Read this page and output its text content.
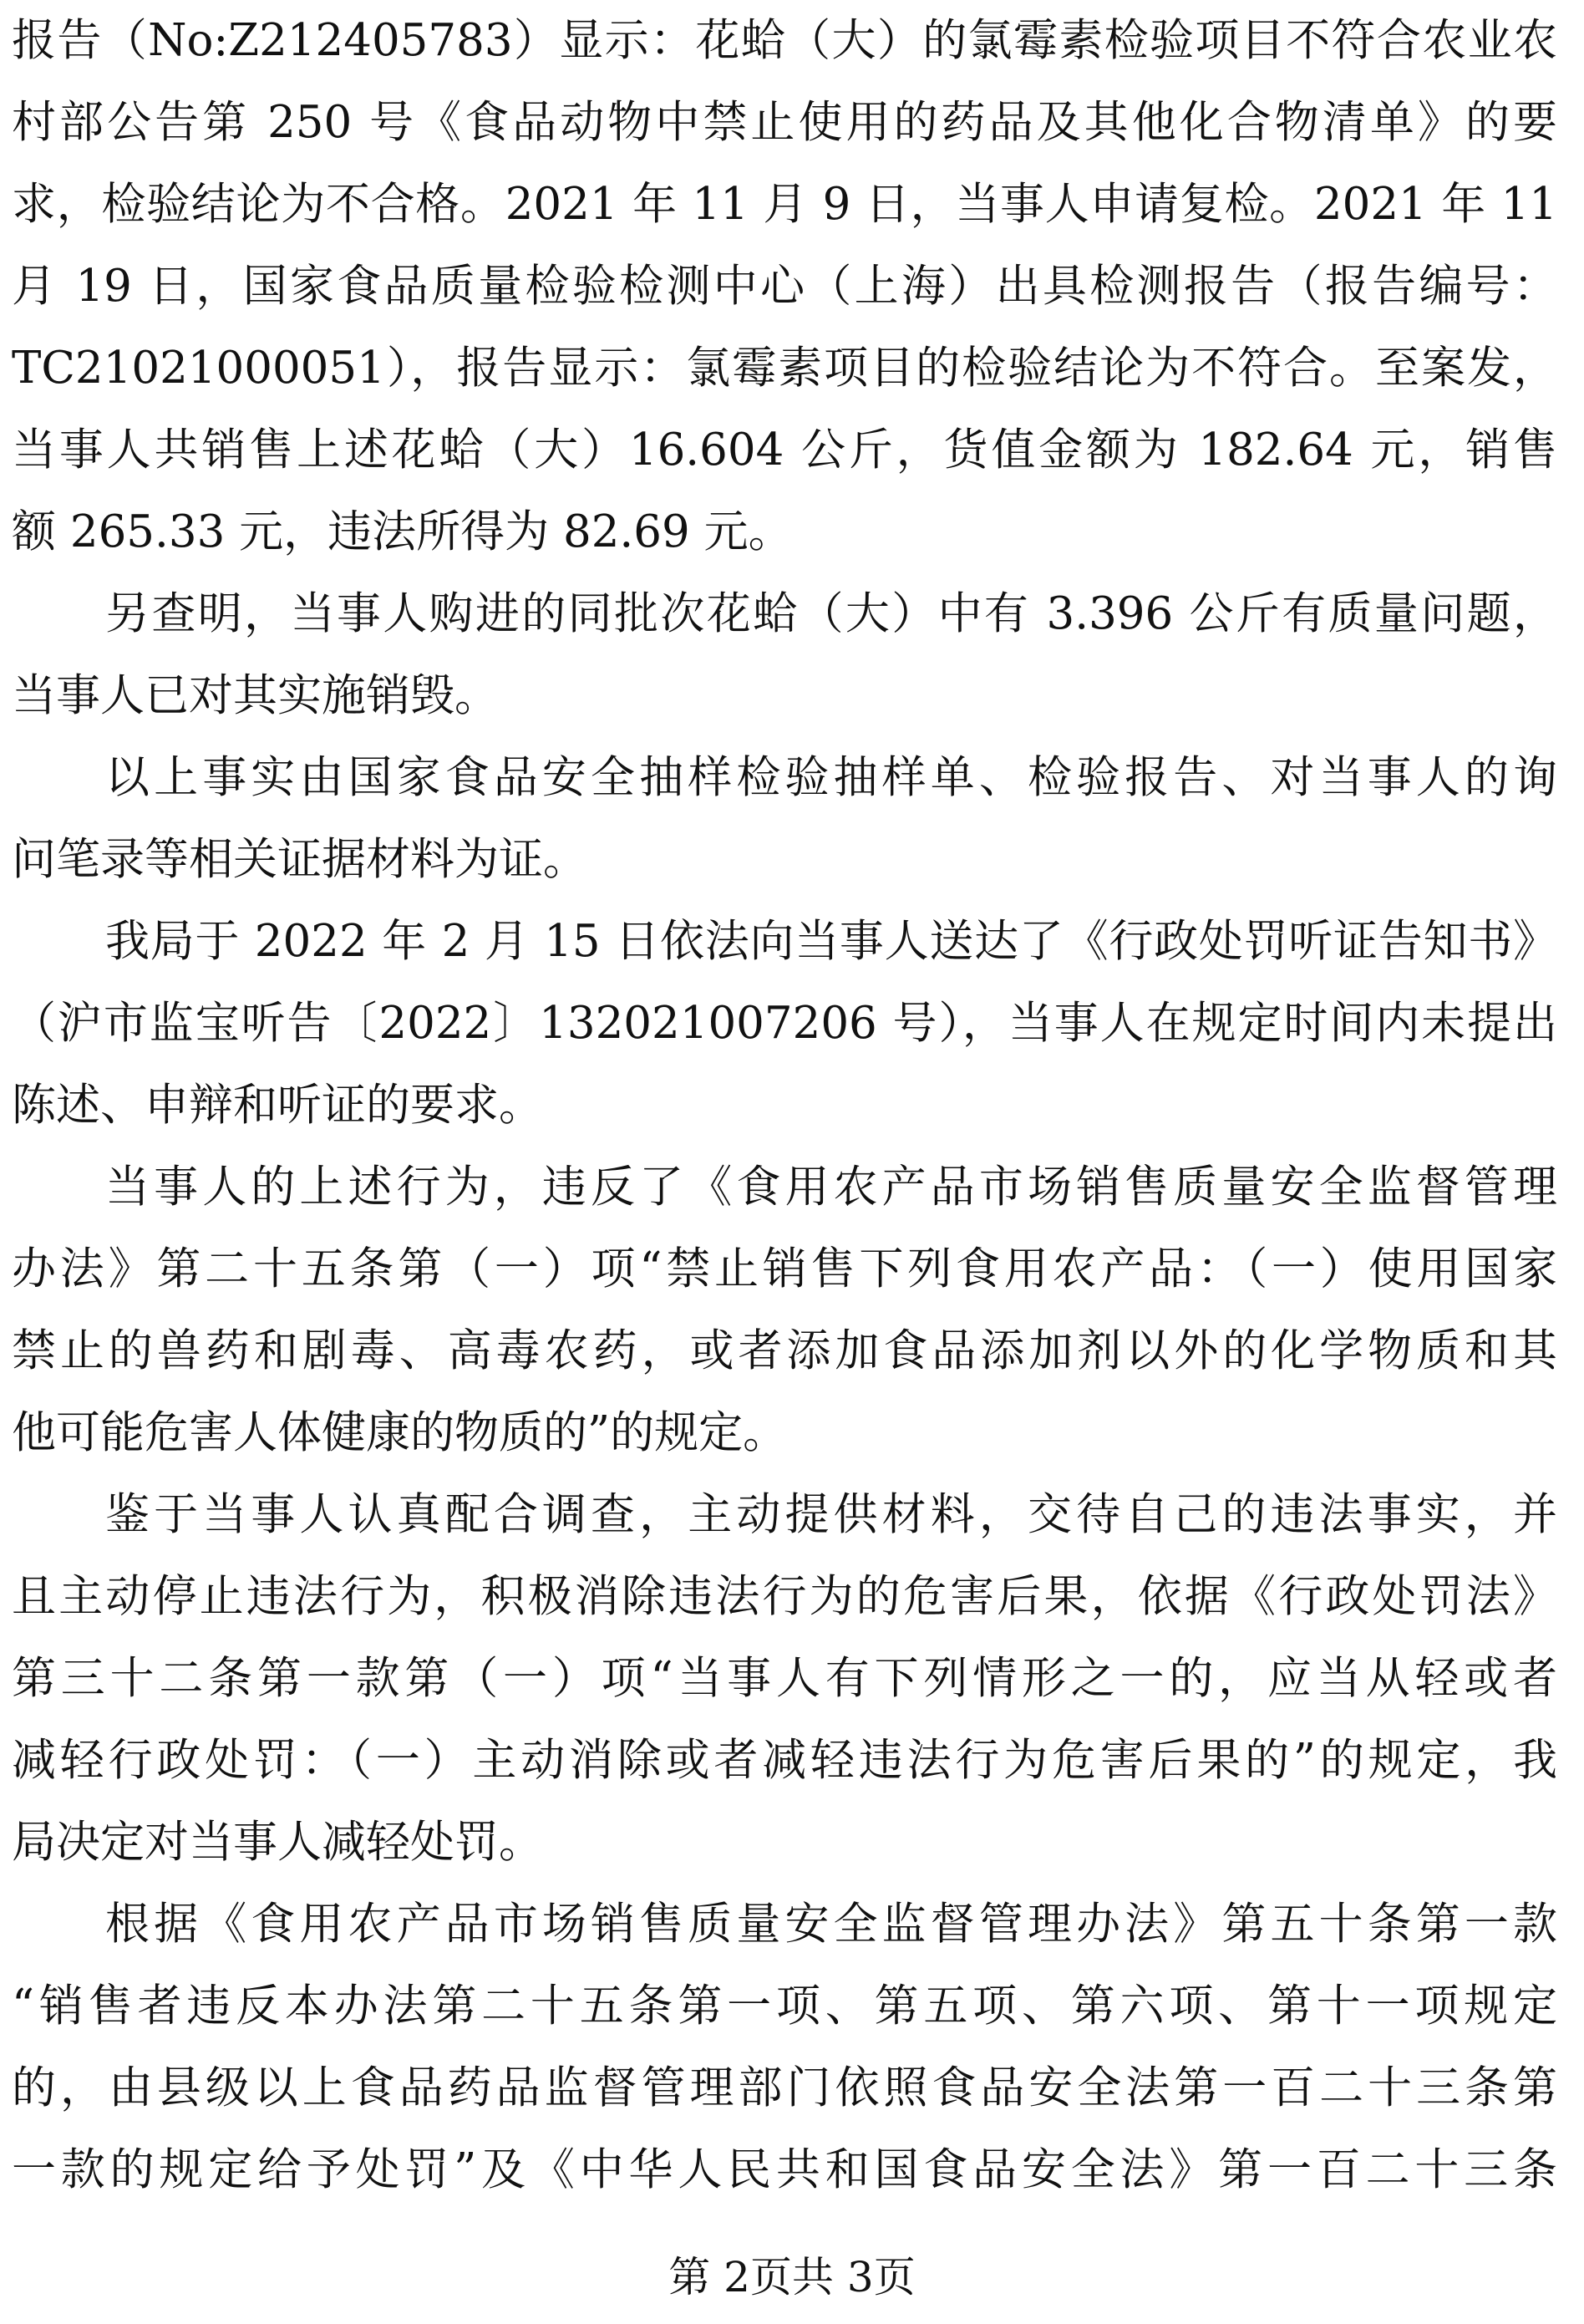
报告（No:Z212405783）显示：花蛤（大）的氯霉素检验项目不符合农业农
村部公告第 250 号《食品动物中禁止使用的药品及其他化合物清单》的要
求，检验结论为不合格。2021 年 11 月 9 日，当事人申请复检。2021 年 11
月 19 日，国家食品质量检验检测中心（上海）出具检测报告（报告编号：
TC21021000051），报告显示：氯霉素项目的检验结论为不符合。至案发，
当事人共销售上述花蛤（大）16.604 公斤，货值金额为 182.64 元，销售
额 265.33 元，违法所得为 82.69 元。
另查明，当事人购进的同批次花蛤（大）中有 3.396 公斤有质量问题，
当事人已对其实施销毁。
以上事实由国家食品安全抽样检验抽样单、检验报告、对当事人的询
问笔录等相关证据材料为证。
我局于 2022 年 2 月 15 日依法向当事人送达了《行政处罚听证告知书》
（沪市监宝听告〔2022〕132021007206 号），当事人在规定时间内未提出
陈述、申辩和听证的要求。
当事人的上述行为，违反了《食用农产品市场销售质量安全监督管理
办法》第二十五条第（一）项“禁止销售下列食用农产品：（一）使用国家
禁止的兽药和剧毒、高毒农药，或者添加食品添加剂以外的化学物质和其
他可能危害人体健康的物质的”的规定。
鉴于当事人认真配合调查，主动提供材料，交待自己的违法事实，并
且主动停止违法行为，积极消除违法行为的危害后果，依据《行政处罚法》
第三十二条第一款第（一）项“当事人有下列情形之一的，应当从轻或者
减轻行政处罚：（一）主动消除或者减轻违法行为危害后果的”的规定，我
局决定对当事人减轻处罚。
根据《食用农产品市场销售质量安全监督管理办法》第五十条第一款
“销售者违反本办法第二十五条第一项、第五项、第六项、第十一项规定
的，由县级以上食品药品监督管理部门依照食品安全法第一百二十三条第
一款的规定给予处罚”及《中华人民共和国食品安全法》第一百二十三条
第 2页共 3页
